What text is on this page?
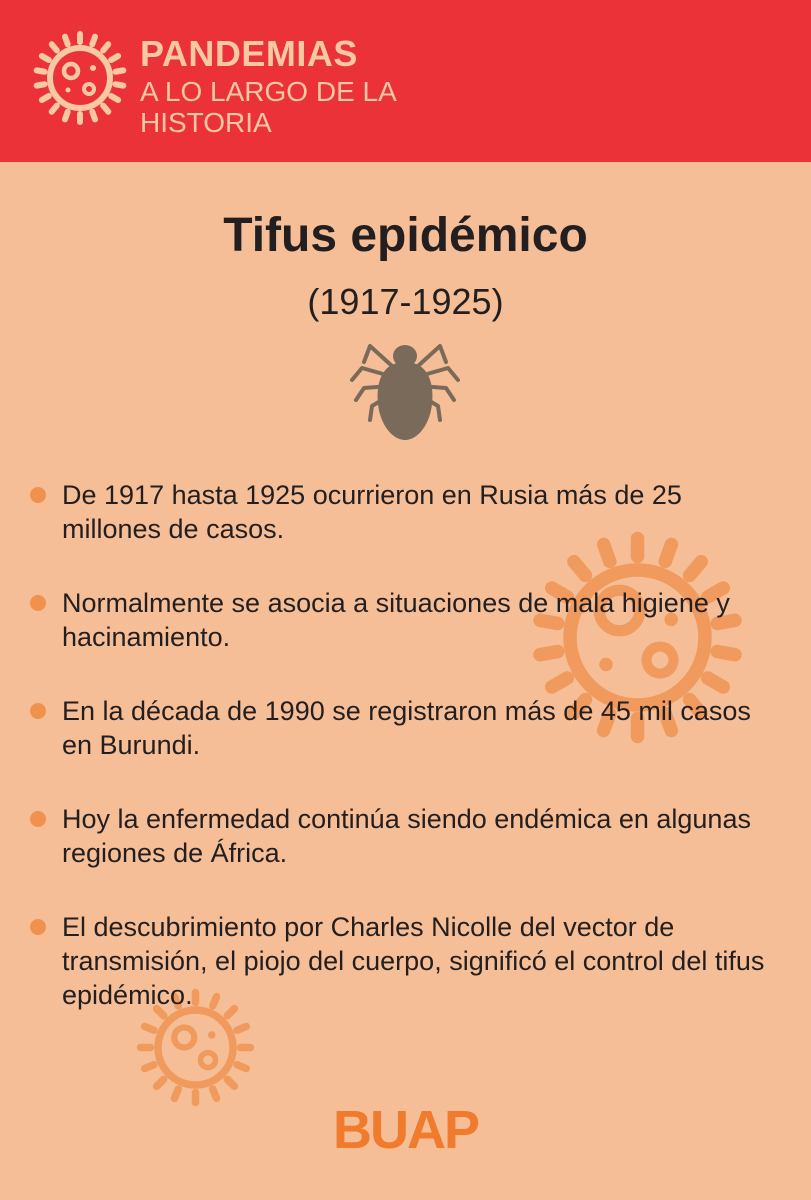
PANDEMIAS

A LO LARGO DE LA HISTORIA

Tifus epidémico

(1917-1925)

De 1917 hasta 1925 ocurrieron en Rusia más de 25 millones de casos.
Normalmente se asocia a situaciones de mala higiene y hacinamiento.
En la década de 1990 se registraron más de 45 mil casos en Burundi.
Hoy la enfermedad continúa siendo endémica en algunas regiones de África.
El descubrimiento por Charles Nicolle del vector de transmisión, el piojo del cuerpo, significó el control del tifus epidémico.

BUAP
